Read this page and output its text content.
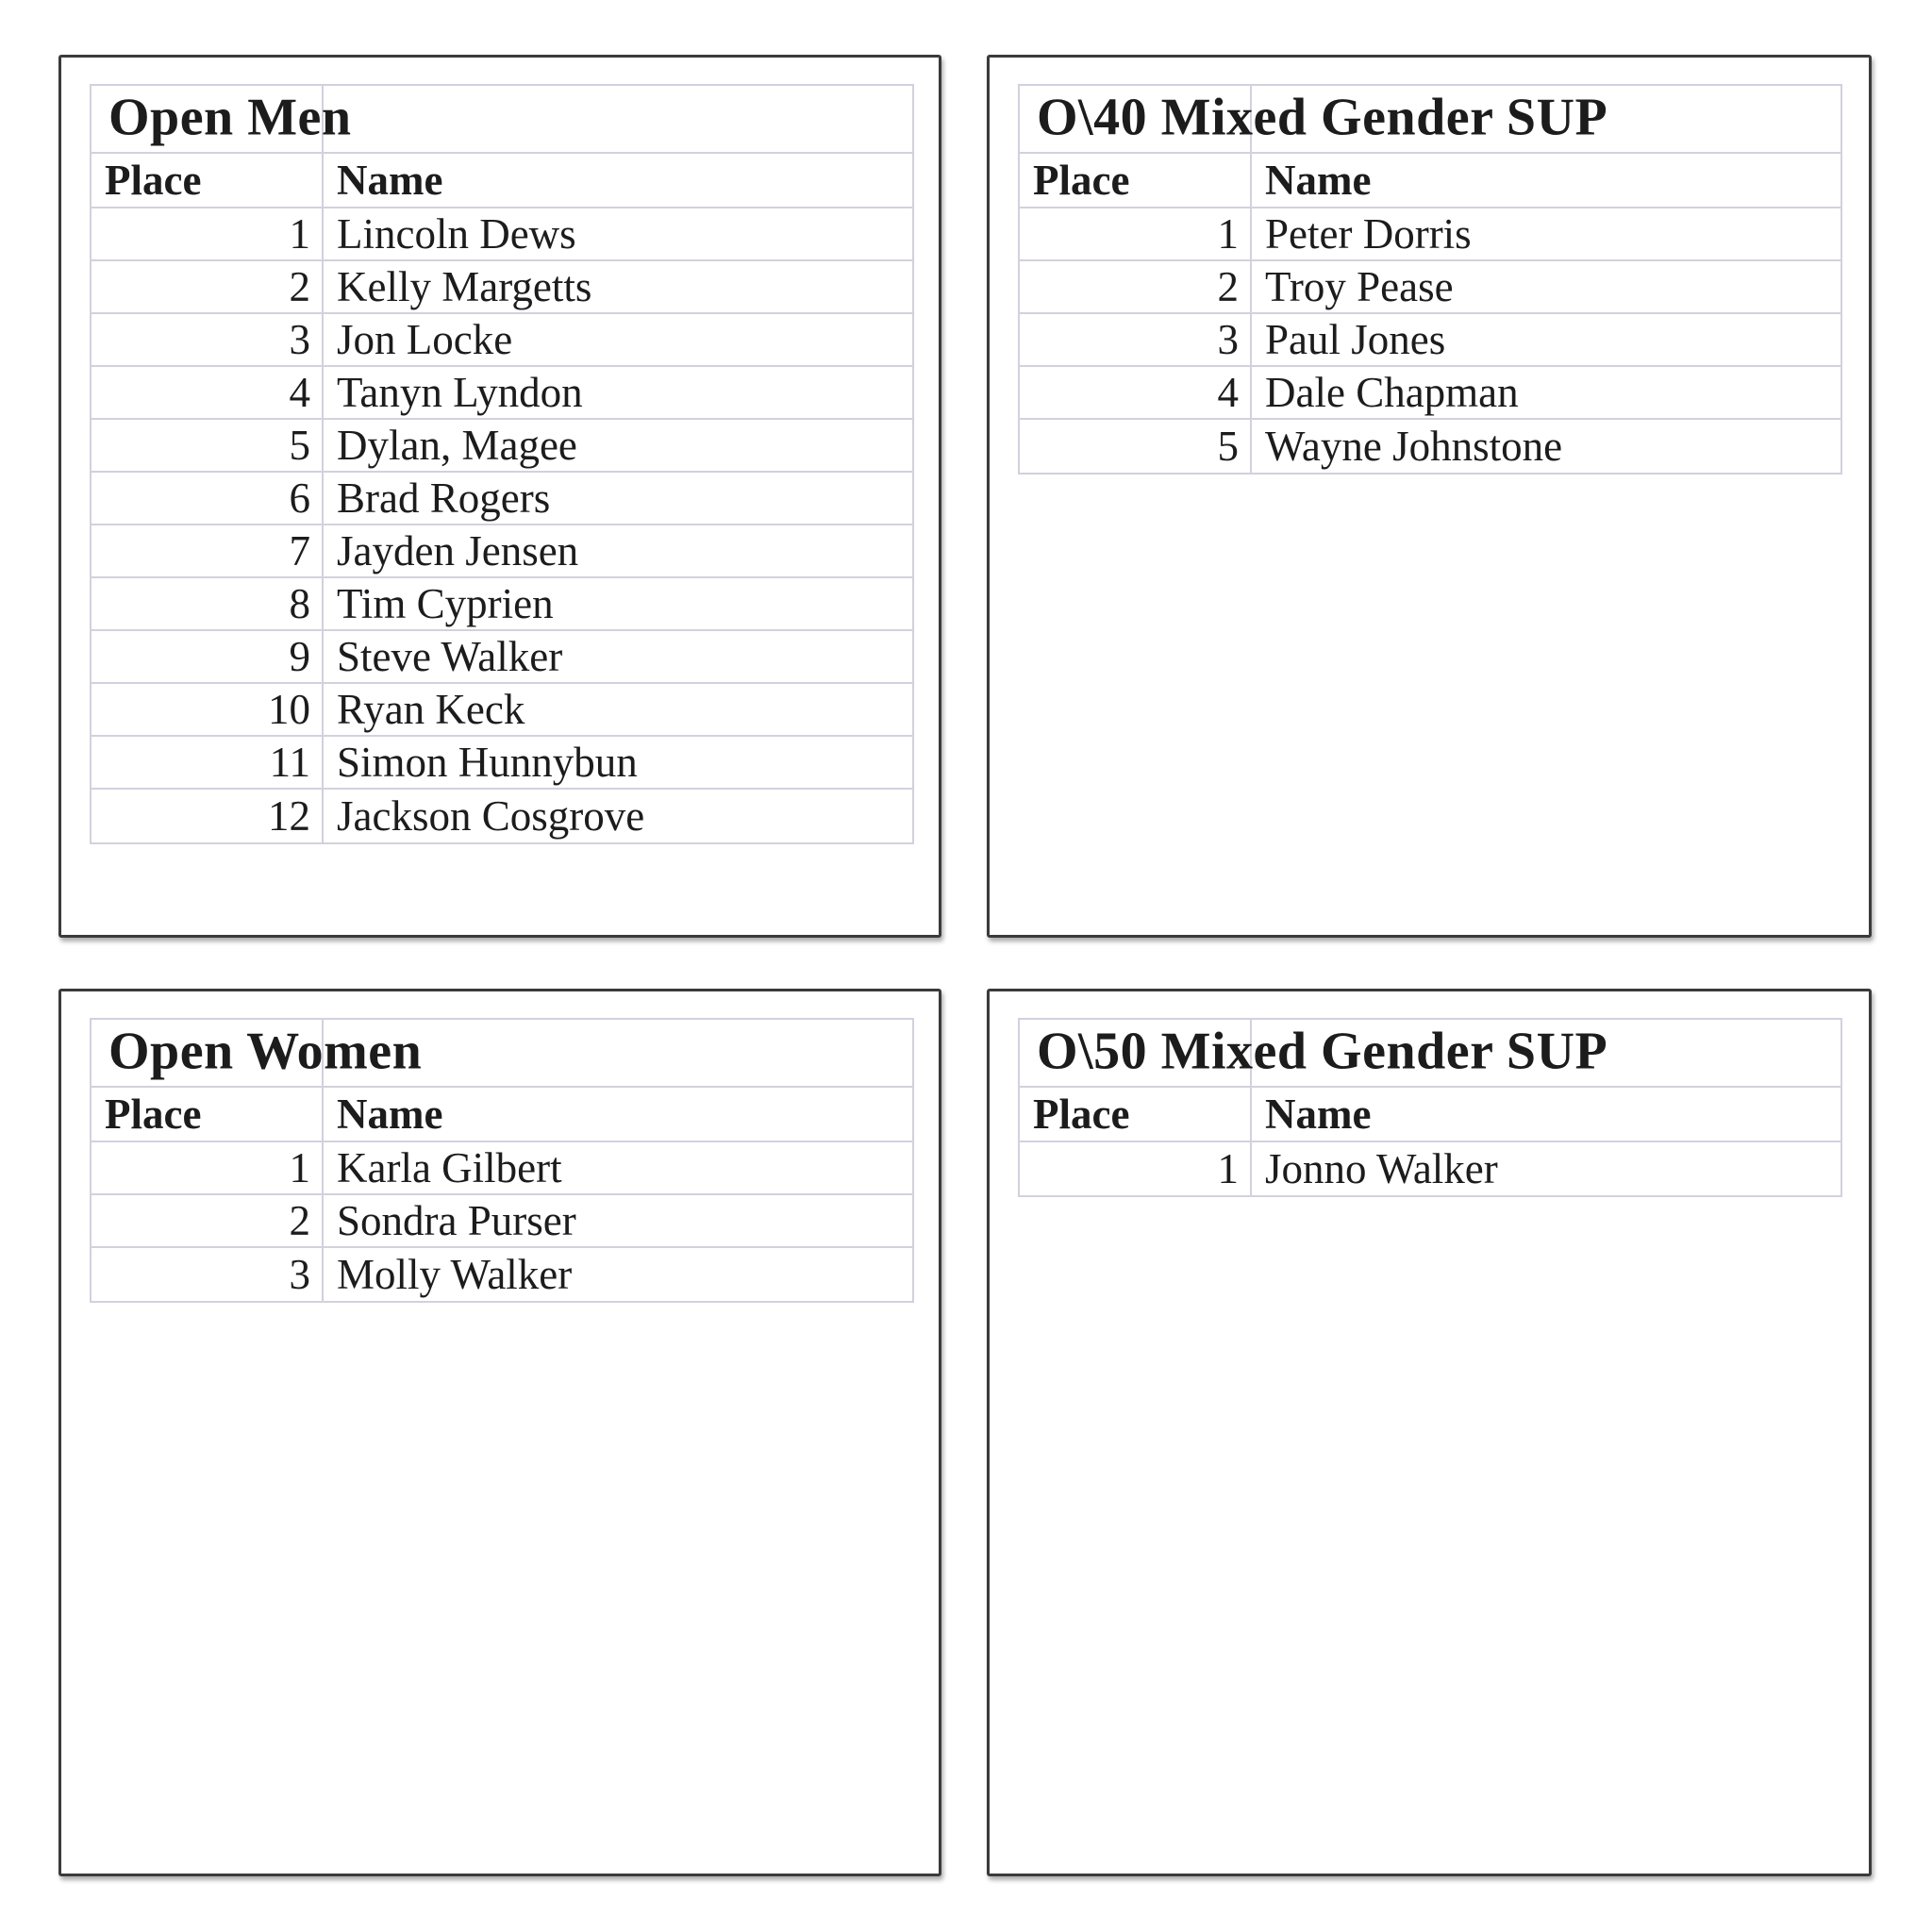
Open Men
Place	Name
1 Lincoln Dews
2 Kelly Margetts
3 Jon Locke
4 Tanyn Lyndon
5 Dylan, Magee
6 Brad Rogers
7 Jayden Jensen
8 Tim Cyprien
9 Steve Walker
10 Ryan Keck
11 Simon Hunnybun
12 Jackson Cosgrove
O\40 Mixed Gender SUP
Place	Name
1 Peter Dorris
2 Troy Pease
3 Paul Jones
4 Dale Chapman
5 Wayne Johnstone
Open Women
Place	Name
1 Karla Gilbert
2 Sondra Purser
3 Molly Walker
O\50 Mixed Gender SUP
Place	Name
1 Jonno Walker
